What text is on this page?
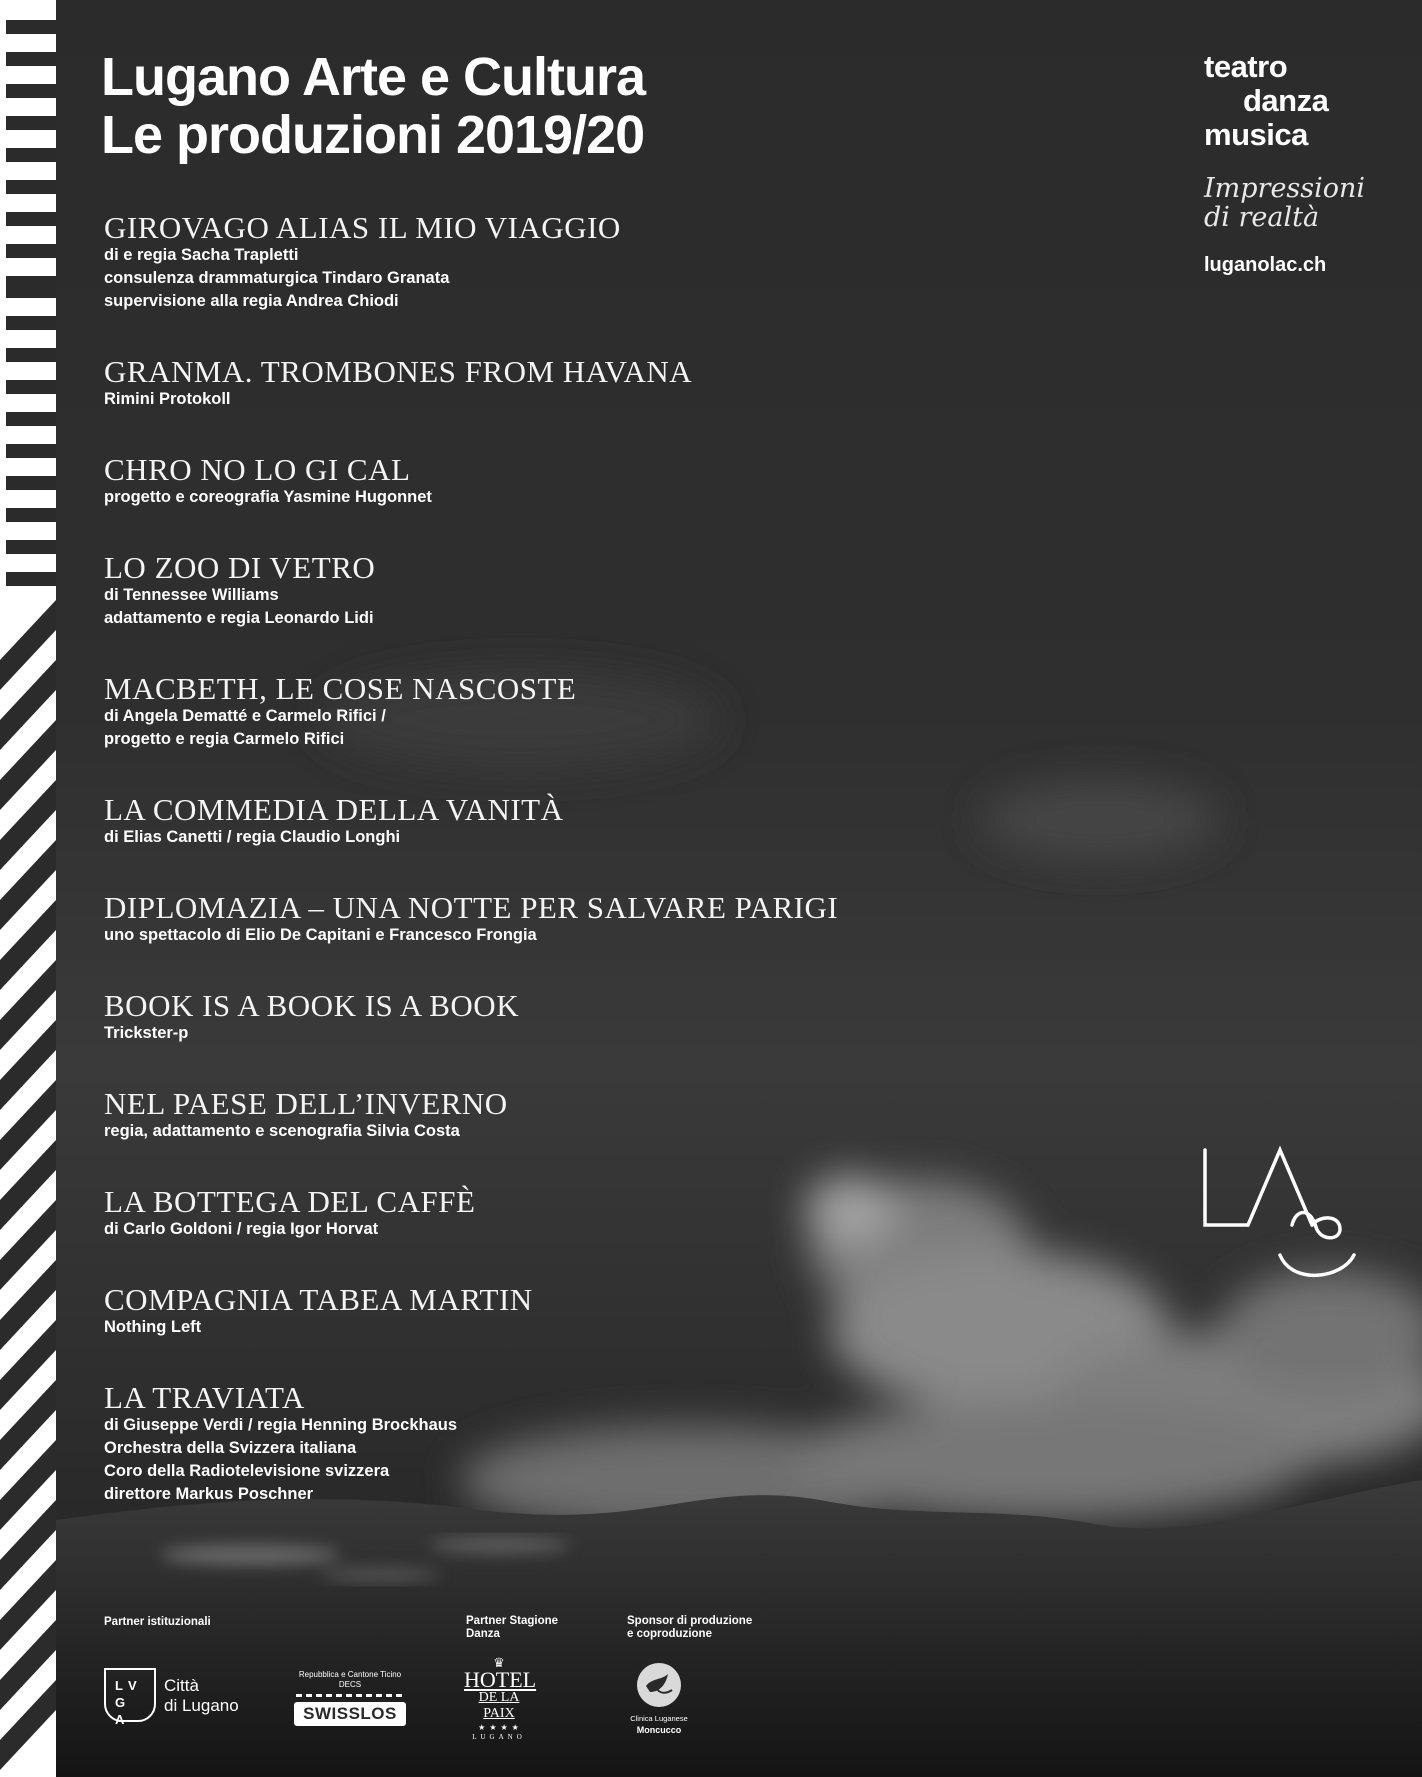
Lugano Arte e Cultura
Le produzioni 2019/20
teatro
danza
musica
Impressioni
di realtà
luganolac.ch
GIROVAGO ALIAS IL MIO VIAGGIO
di e regia Sacha Trapletti
consulenza drammaturgica Tindaro Granata
supervisione alla regia Andrea Chiodi
GRANMA. TROMBONES FROM HAVANA
Rimini Protokoll
CHRO NO LO GI CAL
progetto e coreografia Yasmine Hugonnet
LO ZOO DI VETRO
di Tennessee Williams
adattamento e regia Leonardo Lidi
MACBETH, LE COSE NASCOSTE
di Angela Dematté e Carmelo Rifici /
progetto e regia Carmelo Rifici
LA COMMEDIA DELLA VANITÀ
di Elias Canetti / regia Claudio Longhi
DIPLOMAZIA – UNA NOTTE PER SALVARE PARIGI
uno spettacolo di Elio De Capitani e Francesco Frongia
BOOK IS A BOOK IS A BOOK
Trickster-p
NEL PAESE DELL’INVERNO
regia, adattamento e scenografia Silvia Costa
LA BOTTEGA DEL CAFFÈ
di Carlo Goldoni / regia Igor Horvat
COMPAGNIA TABEA MARTIN
Nothing Left
LA TRAVIATA
di Giuseppe Verdi / regia Henning Brockhaus
Orchestra della Svizzera italiana
Coro della Radiotelevisione svizzera
direttore Markus Poschner
LAC
Partner istituzionali	Partner Stagione
Danza
Sponsor di produzione
e coproduzione
LVGA
Città
di Lugano
Repubblica e Cantone Ticino
DECS
SWISSLOS
♛
HOTEL
DE LA PAIX
★ ★ ★ ★
LUGANO
Clinica Luganese
Moncucco
